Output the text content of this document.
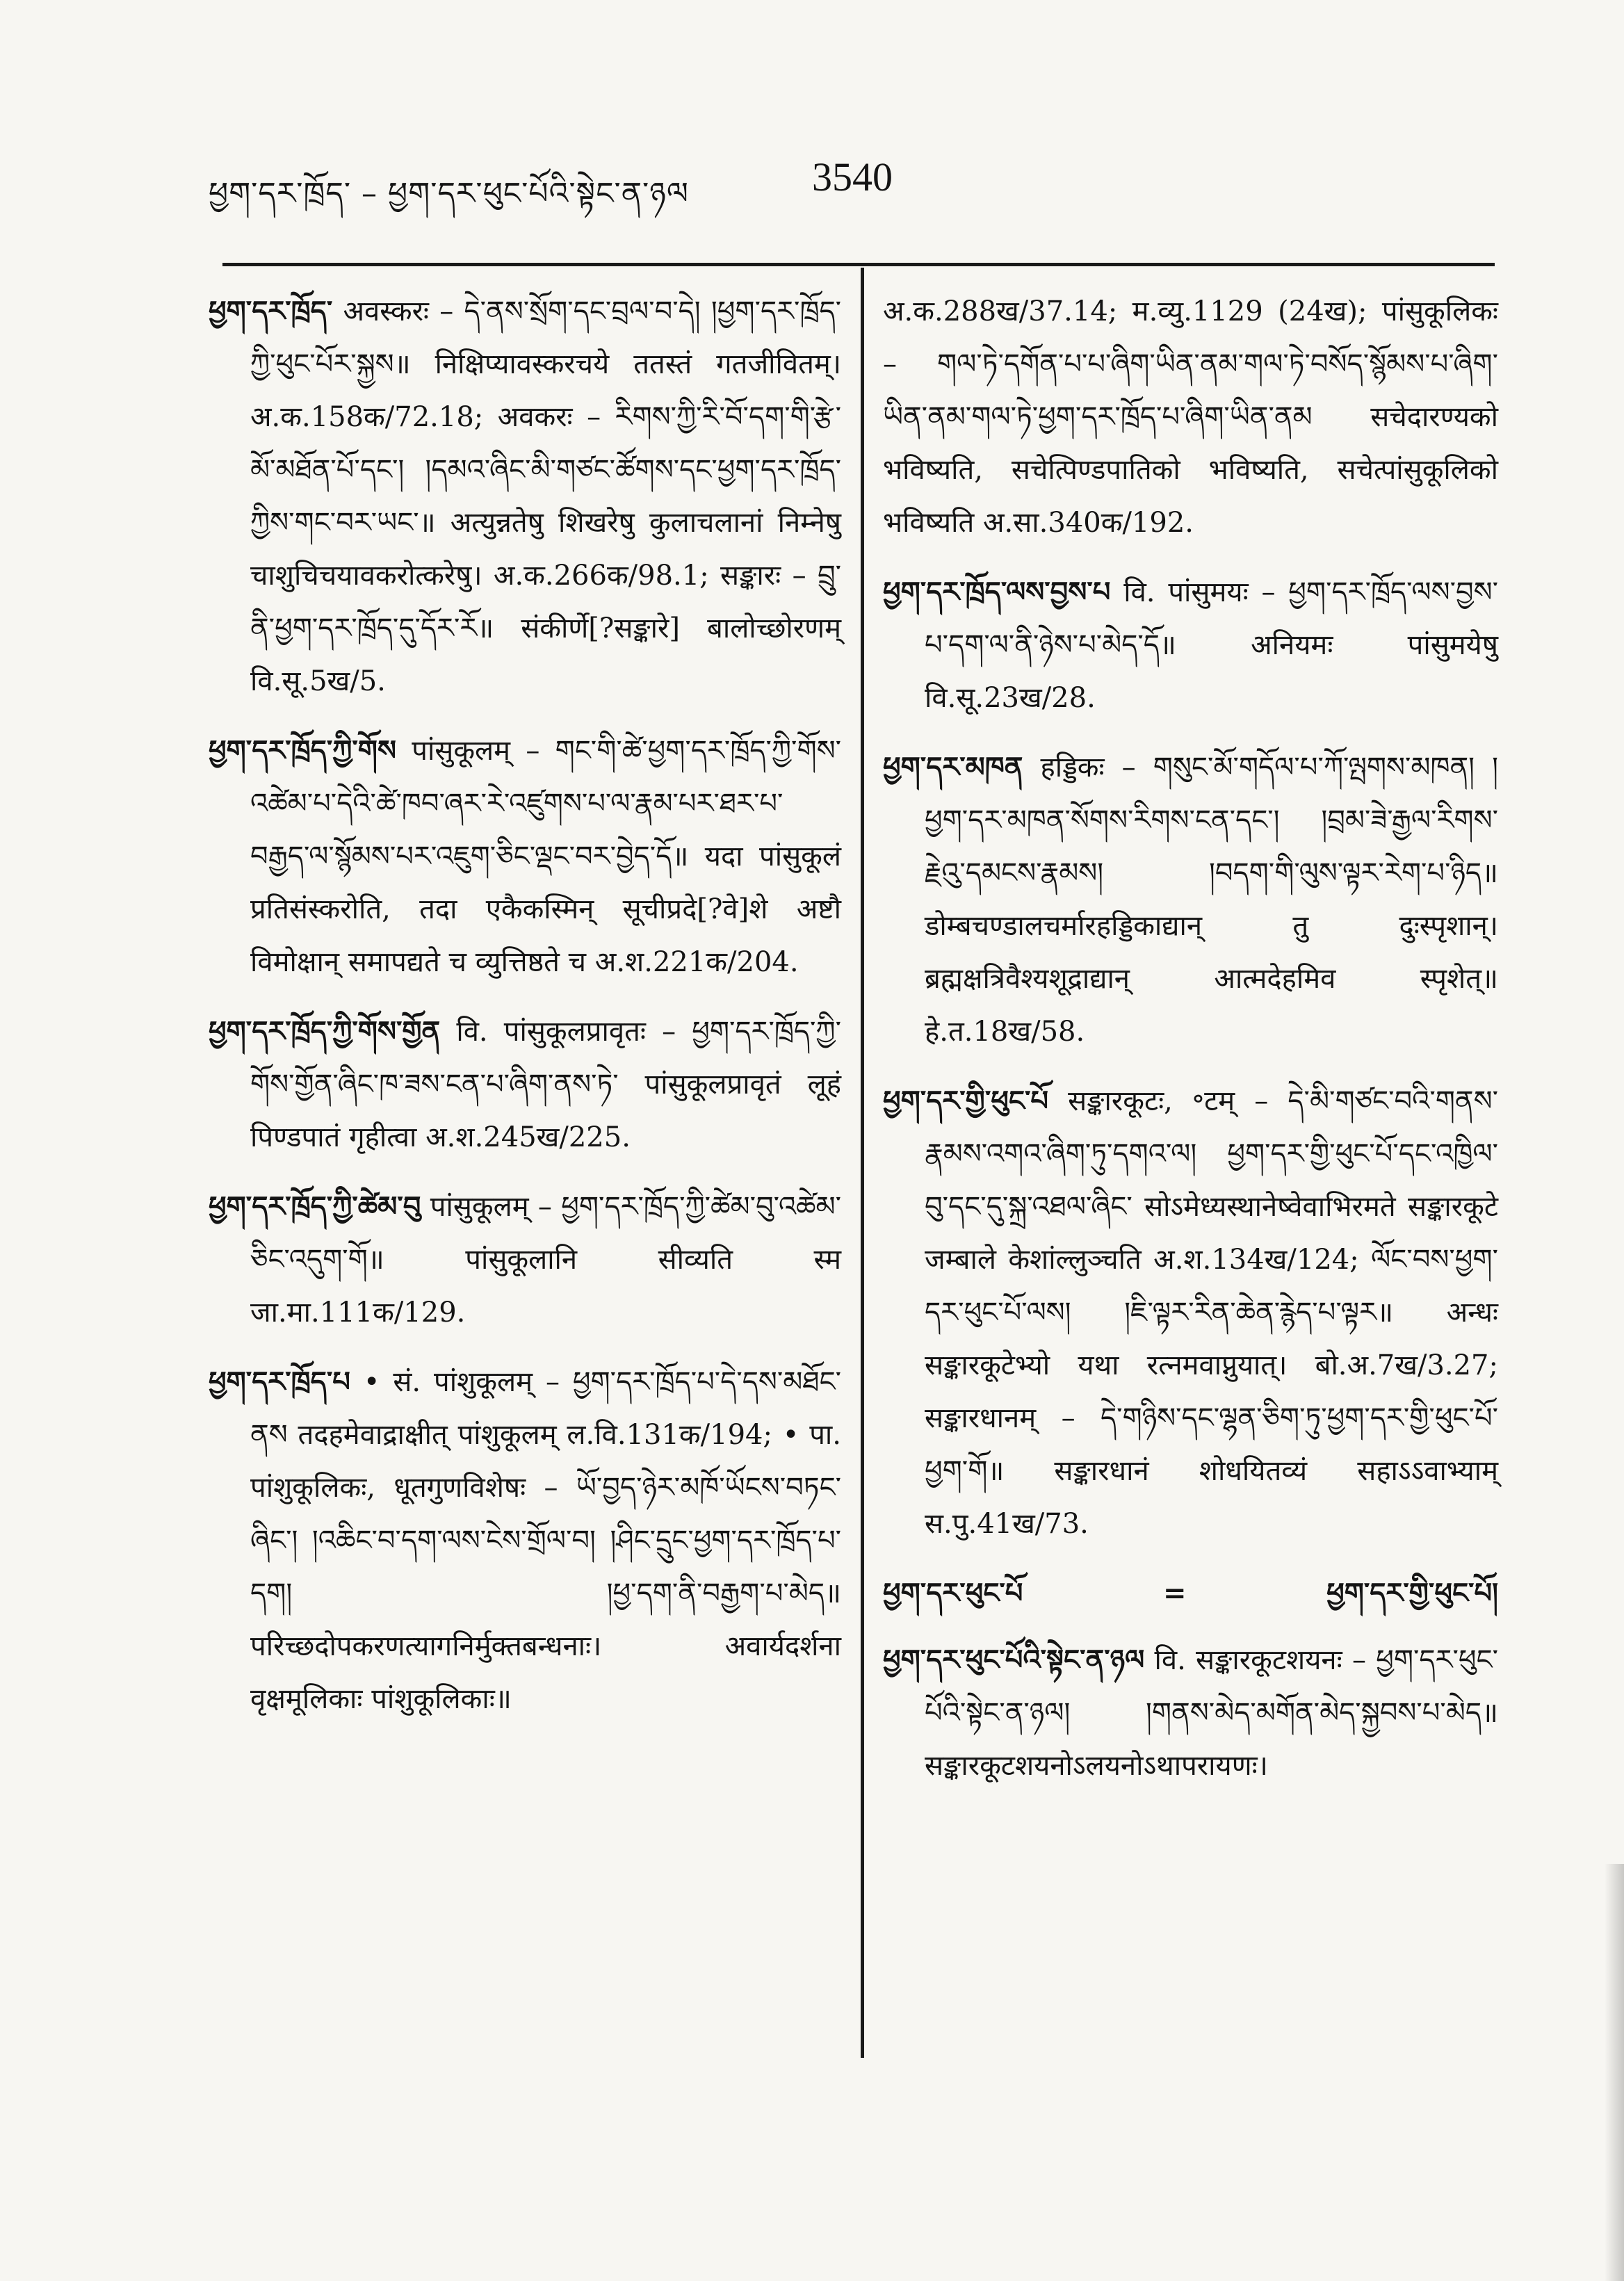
ཕྱག་དར་ཁྲོད་ – ཕྱག་དར་ཕུང་པོའི་སྟེང་ན་ཉལ	3540
ཕྱག་དར་ཁྲོད་ अवस्करः – དེ་ནས་སྲོག་དང་བྲལ་བ་དེ། །ཕྱག་དར་ཁྲོད་ཀྱི་ཕུང་པོར་སྐྱས॥ निक्षिप्यावस्करचये ततस्तं गतजीवितम्। अ.क.158क/72.18; अवकरः – རིགས་ཀྱི་རི་བོ་དག་གི་རྩེ་མོ་མཐོན་པོ་དང་། །དམའ་ཞིང་མི་གཙང་ཚོགས་དང་ཕྱག་དར་ཁྲོད་ཀྱིས་གང་བར་ཡང་॥ अत्युन्नतेषु शिखरेषु कुलाचलानां निम्नेषु चाशुचिचयावकरोत्करेषु। अ.क.266क/98.1; सङ्कारः – བྲུ་ནི་ཕྱག་དར་ཁྲོད་དུ་དོར་རོ॥ संकीर्णे[?सङ्कारे] बालोच्छोरणम् वि.सू.5ख/5.
ཕྱག་དར་ཁྲོད་ཀྱི་གོས पांसुकूलम् – གང་གི་ཚེ་ཕྱག་དར་ཁྲོད་ཀྱི་གོས་འཚེམ་པ་དེའི་ཚེ་ཁབ་ཞར་རེ་འཛུགས་པ་ལ་རྣམ་པར་ཐར་པ་བརྒྱད་ལ་སྙོམས་པར་འཇུག་ཅིང་ལྡང་བར་བྱེད་དོ॥ यदा पांसुकूलं प्रतिसंस्करोति, तदा एकैकस्मिन् सूचीप्रदे[?वे]शे अष्टौ विमोक्षान् समापद्यते च व्युत्तिष्ठते च अ.श.221क/204.
ཕྱག་དར་ཁྲོད་ཀྱི་གོས་གྱོན वि. पांसुकूलप्रावृतः – ཕྱག་དར་ཁྲོད་ཀྱི་གོས་གྱོན་ཞིང་ཁ་ཟས་ངན་པ་ཞིག་ནས་ཏེ་ पांसुकूलप्रावृतं लूहं पिण्डपातं गृहीत्वा अ.श.245ख/225.
ཕྱག་དར་ཁྲོད་ཀྱི་ཚེམ་བུ पांसुकूलम् – ཕྱག་དར་ཁྲོད་ཀྱི་ཚེམ་བུ་འཚེམ་ཅིང་འདུག་གོ॥ पांसुकूलानि सीव्यति स्म जा.मा.111क/129.
ཕྱག་དར་ཁྲོད་པ • सं. पांशुकूलम् – ཕྱག་དར་ཁྲོད་པ་དེ་དས་མཐོང་ནས तदहमेवाद्राक्षीत् पांशुकूलम् ल.वि.131क/194; • पा. पांशुकूलिकः, धूतगुणविशेषः – ཡོ་བྱད་ཉེར་མཁོ་ཡོངས་བཏང་ཞིང་། །འཆིང་བ་དག་ལས་ངེས་གྲོལ་བ། །ཤིང་དྲུང་ཕྱག་དར་ཁྲོད་པ་དག། །ཕྱ་དག་ནི་བརྒྱག་པ་མེད॥ परिच्छदोपकरणत्यागनिर्मुक्तबन्धनाः। अवार्यदर्शना वृक्षमूलिकाः पांशुकूलिकाः॥
अ.क.288ख/37.14; म.व्यु.1129 (24ख); पांसुकूलिकः – གལ་ཏེ་དགོན་པ་པ་ཞིག་ཡིན་ནམ་གལ་ཏེ་བསོད་སྙོམས་པ་ཞིག་ཡིན་ནམ་གལ་ཏེ་ཕྱག་དར་ཁྲོད་པ་ཞིག་ཡིན་ནམ सचेदारण्यको भविष्यति, सचेत्पिण्डपातिको भविष्यति, सचेत्पांसुकूलिको भविष्यति अ.सा.340क/192.
ཕྱག་དར་ཁྲོད་ལས་བྱས་པ वि. पांसुमयः – ཕྱག་དར་ཁྲོད་ལས་བྱས་པ་དག་ལ་ནི་ཉེས་པ་མེད་དོ॥ अनियमः पांसुमयेषु वि.सू.23ख/28.
ཕྱག་དར་མཁན हड्डिकः – གསུང་མོ་གདོལ་པ་ཀོ་ལྤགས་མཁན། །ཕྱག་དར་མཁན་སོགས་རིགས་ངན་དང་། །བྲམ་ཟེ་རྒྱལ་རིགས་རྗེའུ་དམངས་རྣམས། །བདག་གི་ལུས་ལྟར་རེག་པ་ཉིད॥ डोम्बचण्डालचर्मारहड्डिकाद्यान् तु दुःस्पृशान्। ब्रह्मक्षत्रिवैश्यशूद्राद्यान् आत्मदेहमिव स्पृशेत्॥ हे.त.18ख/58.
ཕྱག་དར་གྱི་ཕུང་པོ सङ्कारकूटः, ॰टम् – དེ་མི་གཙང་བའི་གནས་རྣམས་འགའ་ཞིག་ཏུ་དགའ་ལ། ཕྱག་དར་གྱི་ཕུང་པོ་དང་འཁྱིལ་བུ་དང་དུ་སྐྲ་འཐལ་ཞིང་ सोऽमेध्यस्थानेष्वेवाभिरमते सङ्कारकूटे जम्बाले केशांल्लुञ्चति अ.श.134ख/124; ལོང་བས་ཕྱག་དར་ཕུང་པོ་ལས། །ཇི་ལྟར་རིན་ཆེན་རྙེད་པ་ལྟར॥ अन्धः सङ्कारकूटेभ्यो यथा रत्नमवाप्नुयात्। बो.अ.7ख/3.27; सङ्कारधानम् – དེ་གཉིས་དང་ལྷན་ཅིག་ཏུ་ཕྱག་དར་གྱི་ཕུང་པོ་ཕྱག་གོ॥ सङ्कारधानं शोधयितव्यं सहाऽऽवाभ्याम् स.पु.41ख/73.
ཕྱག་དར་ཕུང་པོ	=	ཕྱག་དར་གྱི་ཕུང་པོ།
ཕྱག་དར་ཕུང་པོའི་སྟེང་ན་ཉལ वि. सङ्कारकूटशयनः – ཕྱག་དར་ཕུང་པོའི་སྟེང་ན་ཉལ། །གནས་མེད་མགོན་མེད་སྐྱབས་པ་མེད॥ सङ्कारकूटशयनोऽलयनोऽथापरायणः।
